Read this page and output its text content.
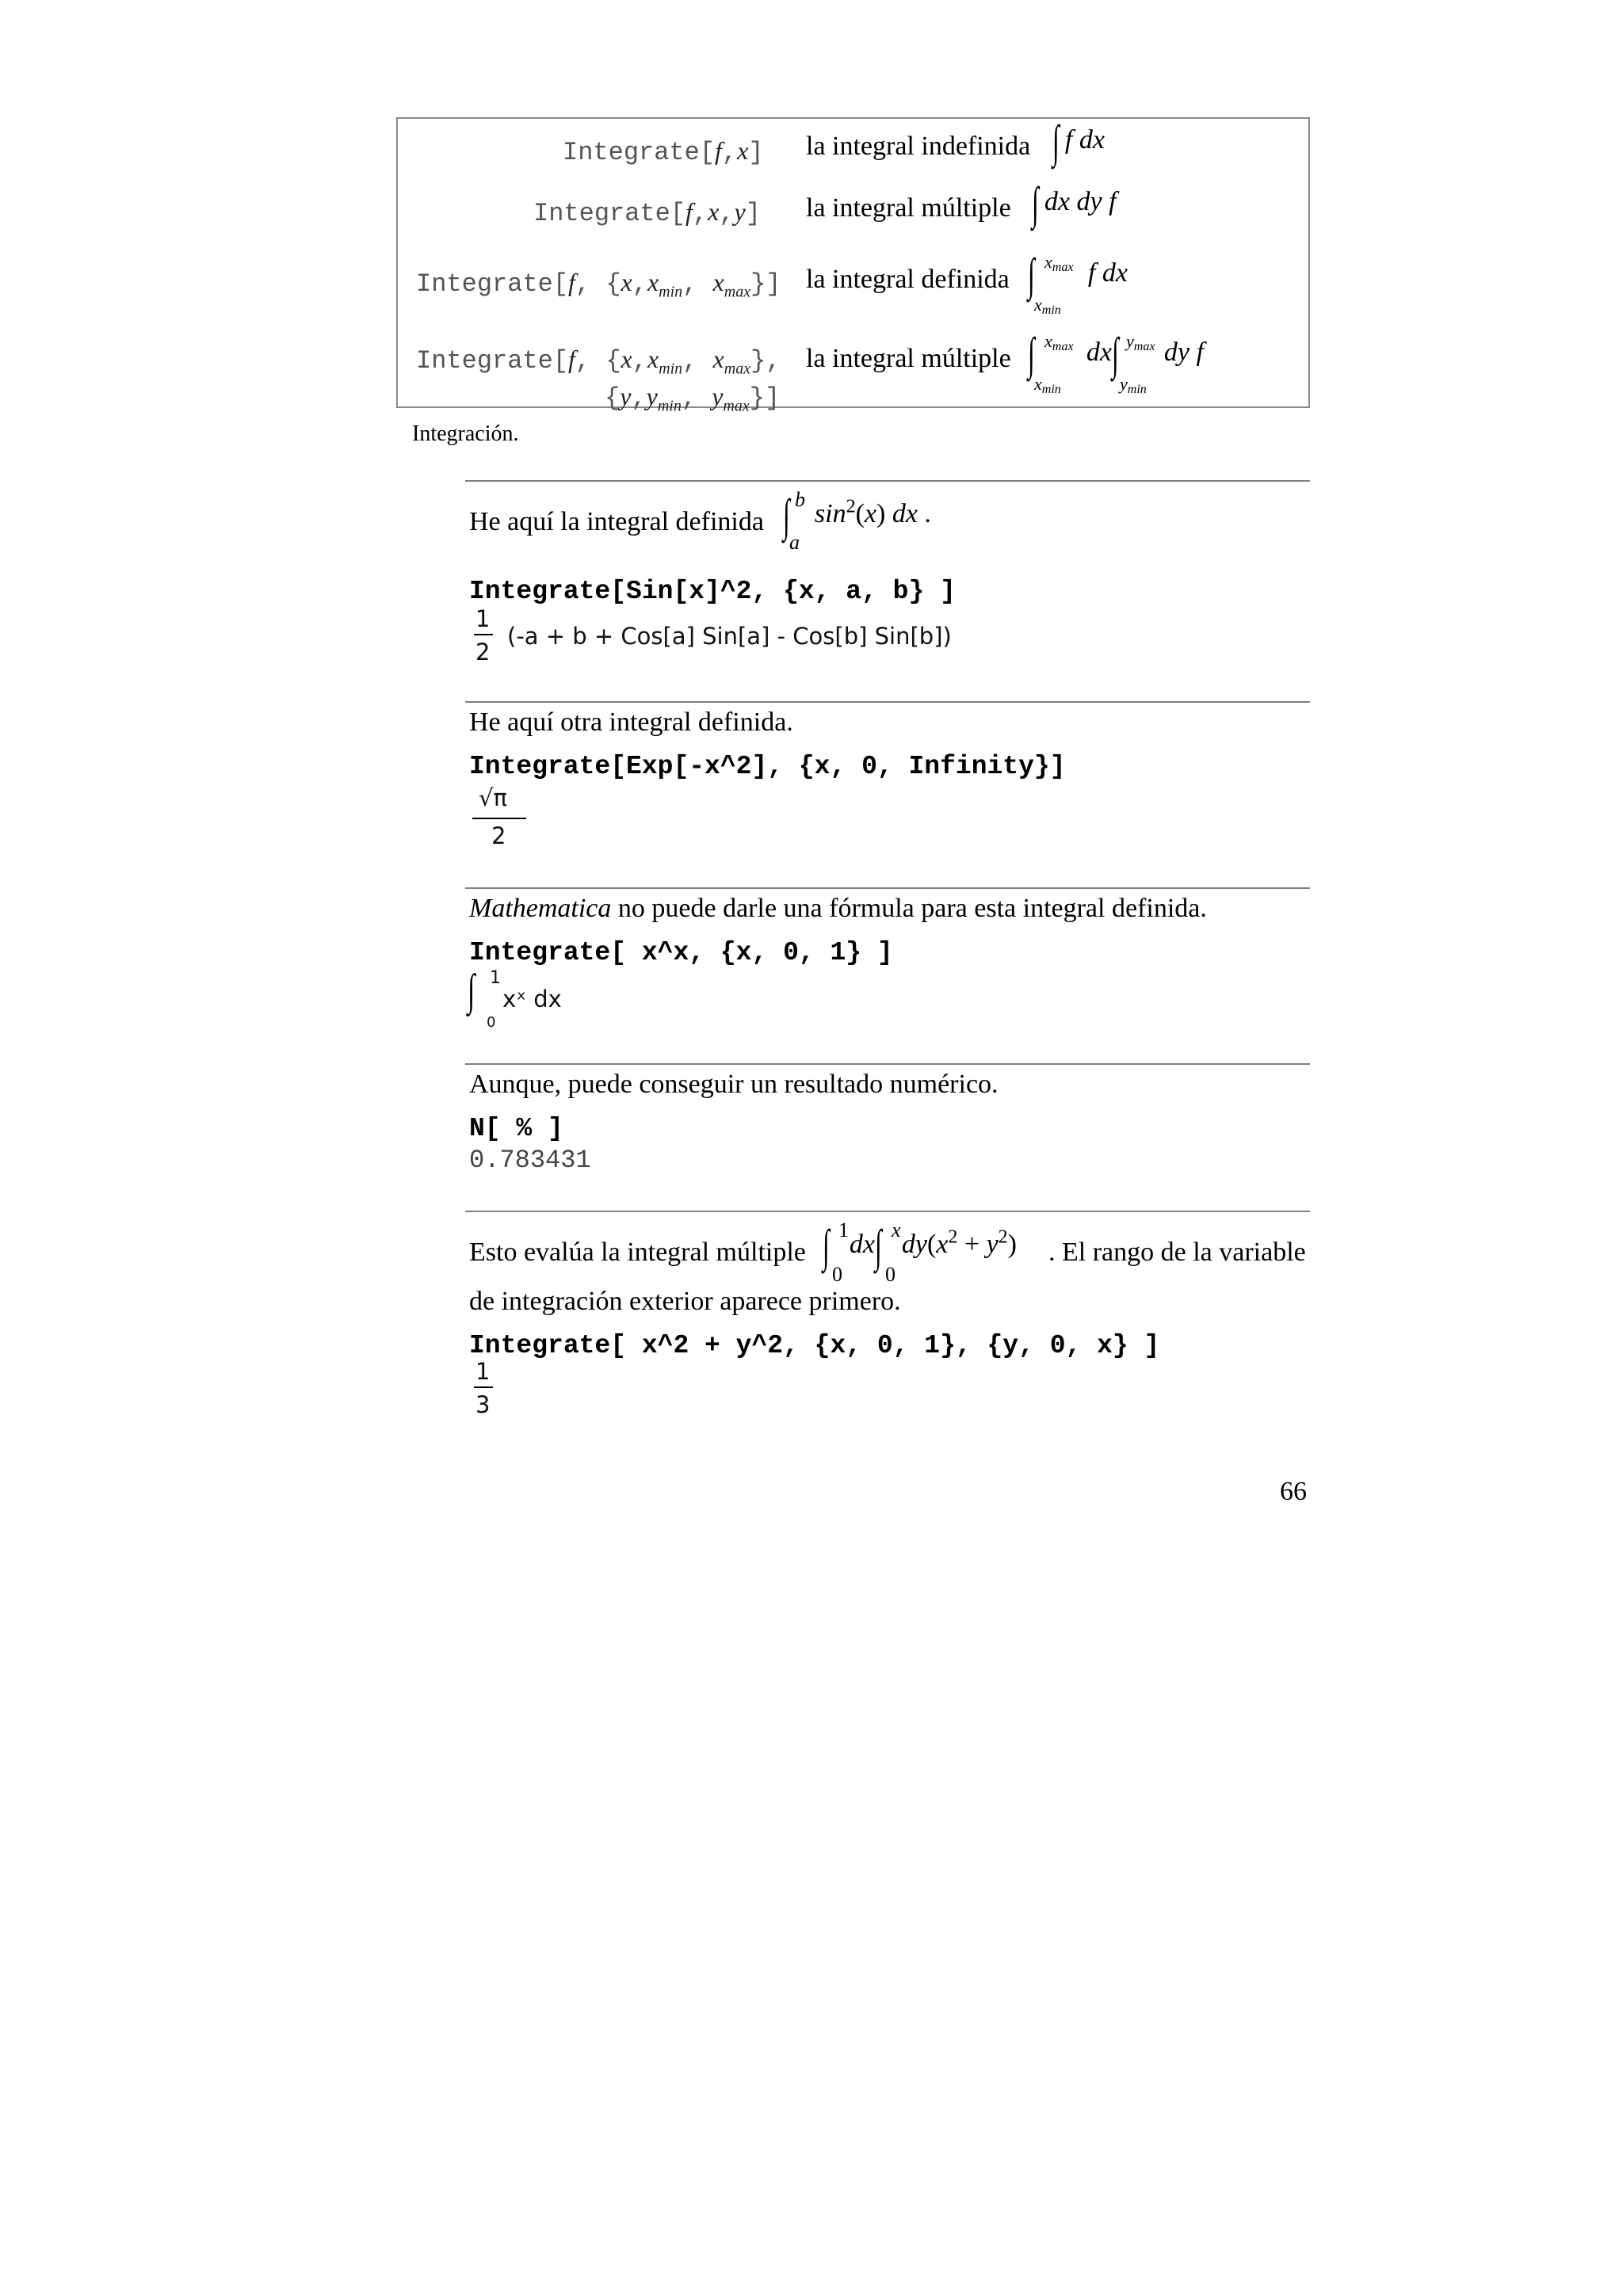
Integrate[f,x] la integral indefinida ∫ f dx
Integrate[f,x,y] la integral múltiple ∫ dx dy f
Integrate[f, {$x,x_{min}$, $x_{max}$}] la integral definida ∫ f dx
$x_{max}$
$x_{min}$
Integrate[f, {$x,x_{min}$, $x_{max}$},
{$y,y_{min}$, $y_{max}$}]
la integral múltiple ∫ dx∫ dy f
$x_{max}$
$x_{min}$
$y_{max}$
$y_{min}$
Integración.
He aquí la integral definida ∫ $\sin^2(x)$ dx .
b
a
Integrate[Sin[x]^2, {x, a, b} ]
1
2
(-a + b + Cos[a] Sin[a] - Cos[b] Sin[b])
He aquí otra integral definida.
Integrate[Exp[-x^2], {x, 0, Infinity}]
√π
2
Mathematica no puede darle una fórmula para esta integral definida.
Integrate[ x^x, {x, 0, 1} ]
∫ 1
0
xˣ dx
Aunque, puede conseguir un resultado numérico.
N[ % ]
0.783431
Esto evalúa la integral múltiple ∫ dx∫ $dy(x^2 + y^2)$
1
0
x
0
. El rango de la variable
de integración exterior aparece primero.
Integrate[ x^2 + y^2, {x, 0, 1}, {y, 0, x} ]
1
3
66
